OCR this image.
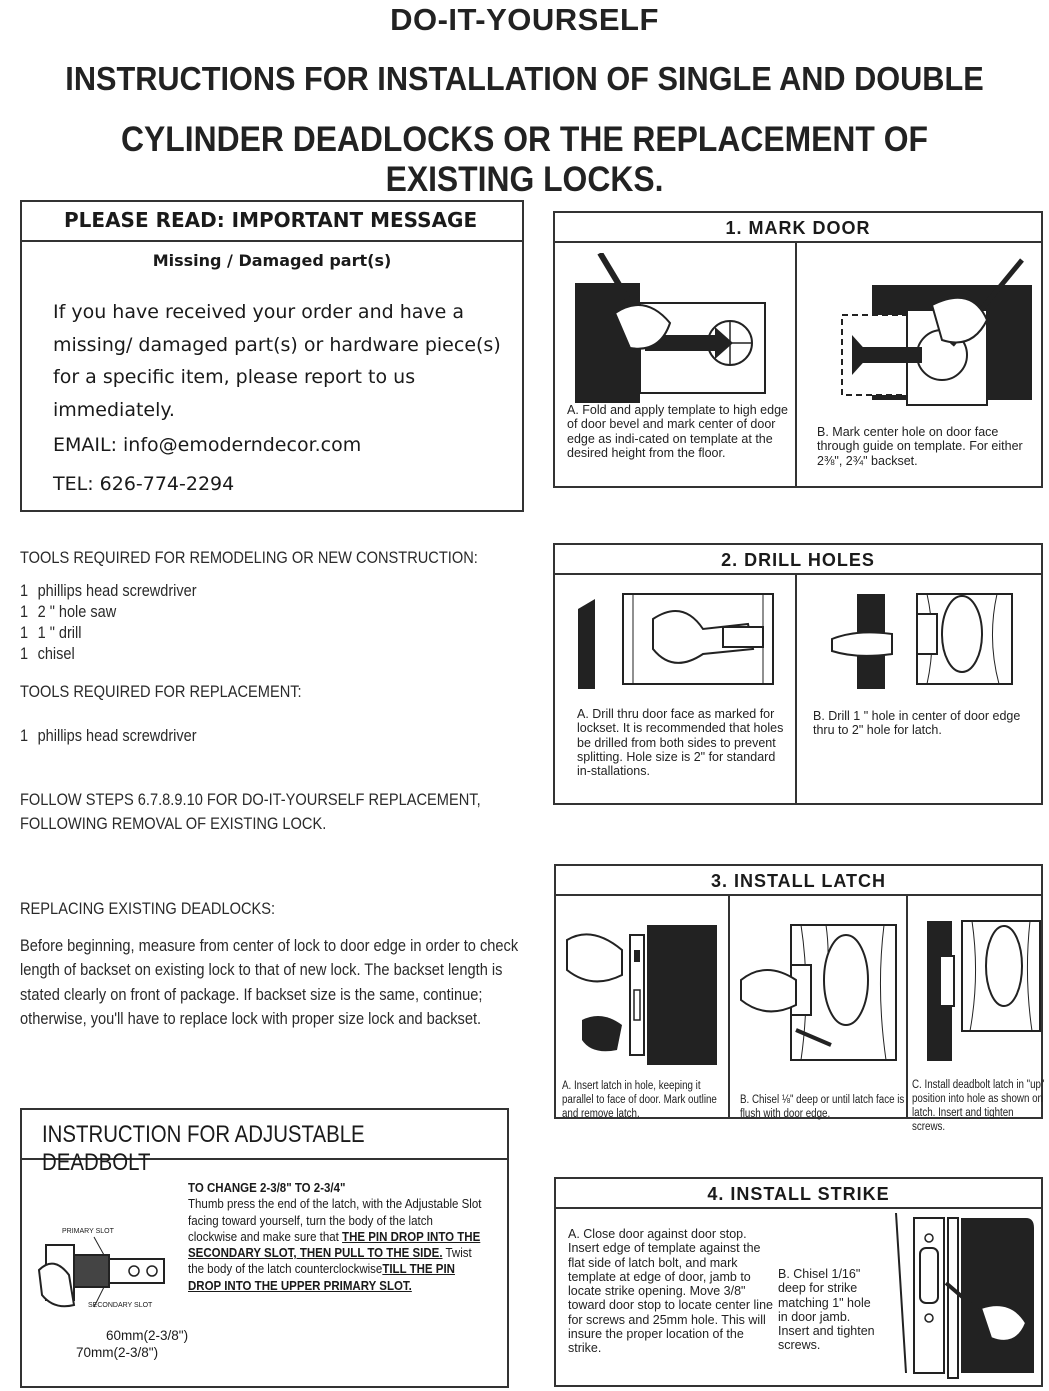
DO-IT-YOURSELF
INSTRUCTIONS FOR INSTALLATION OF SINGLE AND DOUBLE
CYLINDER DEADLOCKS OR THE REPLACEMENT OF EXISTING LOCKS.
PLEASE READ: IMPORTANT MESSAGE
Missing / Damaged part(s)
If you have received your order and have a missing/ damaged part(s) or hardware piece(s) for a specific item, please report to us immediately.
EMAIL: info@emoderndecor.com
TEL: 626-774-2294
TOOLS REQUIRED FOR REMODELING OR NEW CONSTRUCTION:
1 phillips head screwdriver
1 2 " hole saw
1 1 " drill
1 chisel
TOOLS REQUIRED FOR REPLACEMENT:
1 phillips head screwdriver
FOLLOW STEPS 6.7.8.9.10 FOR DO-IT-YOURSELF REPLACEMENT, FOLLOWING REMOVAL OF EXISTING LOCK.
REPLACING EXISTING DEADLOCKS:
Before beginning, measure from center of lock to door edge in order to check length of backset on existing lock to that of new lock. The backset length is stated clearly on front of package. If backset size is the same, continue; otherwise, you'll have to replace lock with proper size lock and backset.
1. MARK DOOR
A. Fold and apply template to high edge of door bevel and mark center of door edge as indi-cated on template at the desired height from the floor.
B. Mark center hole on door face through guide on template. For either 2⅜", 2¾" backset.
2. DRILL HOLES
A. Drill thru door face as marked for lockset. It is recommended that holes be drilled from both sides to prevent splitting. Hole size is 2" for standard in-stallations.
B. Drill 1 " hole in center of door edge thru to 2" hole for latch.
3. INSTALL LATCH
A. Insert latch in hole, keeping it parallel to face of door. Mark outline and remove latch.
B. Chisel ⅛" deep or until latch face is flush with door edge.
C. Install deadbolt latch in "up" position into hole as shown on latch. Insert and tighten screws.
4. INSTALL STRIKE
A. Close door against door stop. Insert edge of template against the flat side of latch bolt, and mark template at edge of door, jamb to locate strike opening. Move 3/8" toward door stop to locate center line for screws and 25mm hole. This will insure the proper location of the strike.
B. Chisel 1/16" deep for strike matching 1" hole in door jamb. Insert and tighten screws.
INSTRUCTION FOR ADJUSTABLE DEADBOLT
PRIMARY SLOT
SECONDARY SLOT
TO CHANGE 2-3/8" TO 2-3/4"
Thumb press the end of the latch, with the Adjustable Slot facing toward yourself, turn the body of the latch clockwise and make sure that THE PIN DROP INTO THE SECONDARY SLOT, THEN PULL TO THE SIDE. Twist the body of the latch counterclockwiseTILL THE PIN DROP INTO THE UPPER PRIMARY SLOT.
60mm(2-3/8")
70mm(2-3/8")
